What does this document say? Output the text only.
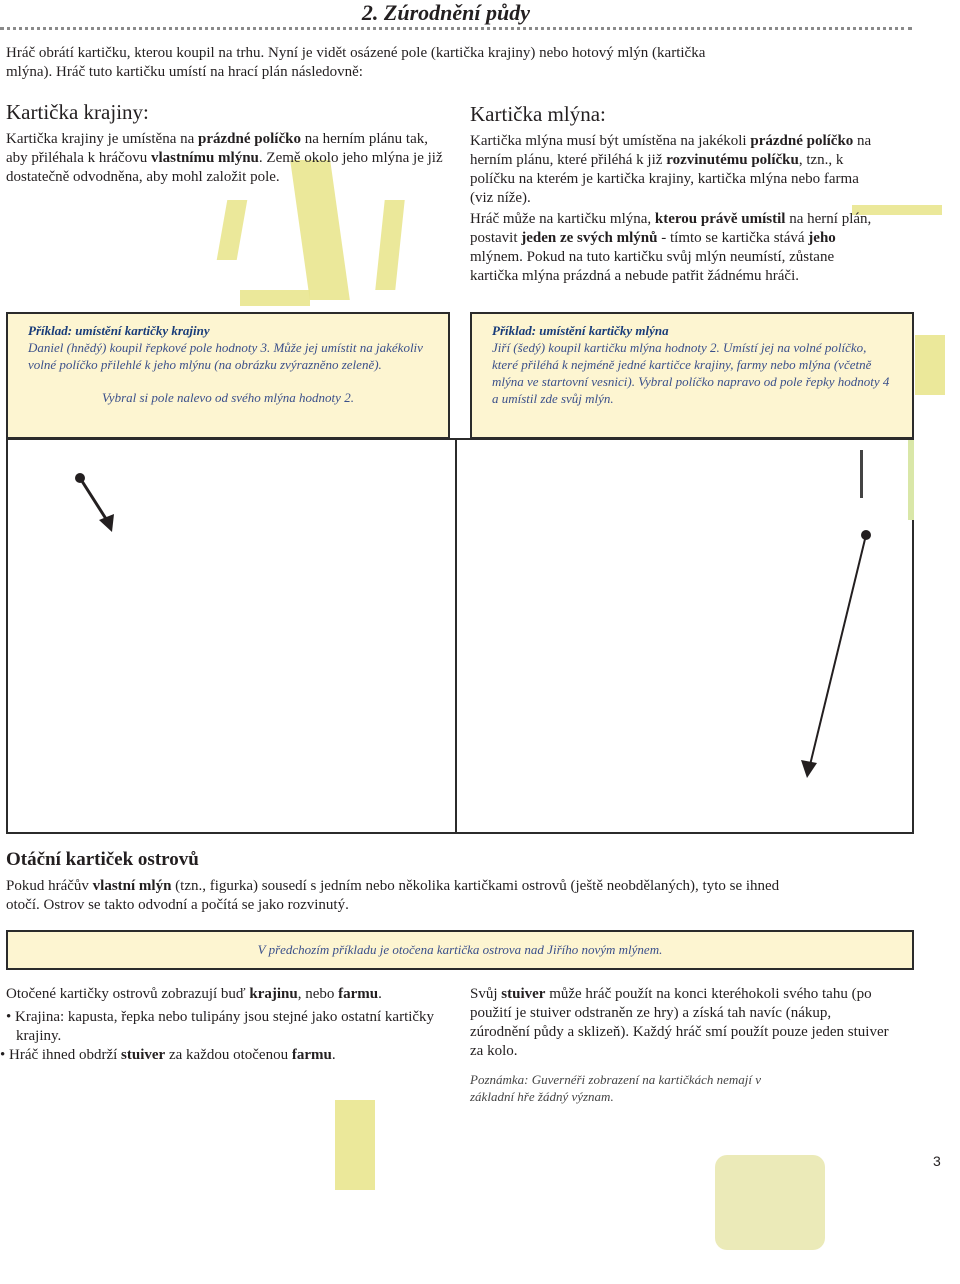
2. Zúrodnění půdy
Hráč obrátí kartičku, kterou koupil na trhu. Nyní je vidět osázené pole (kartička krajiny) nebo hotový mlýn (kartička mlýna). Hráč tuto kartičku umístí na hrací plán následovně:
Kartička krajiny:

Kartička krajiny je umístěna na prázdné políčko na herním plánu tak, aby přiléhala k hráčovu vlastnímu mlýnu. Země okolo jeho mlýna je již dostatečně odvodněna, aby mohl založit pole.

Kartička mlýna:

Kartička mlýna musí být umístěna na jakékoli prázdné políčko na herním plánu, které přiléhá k již rozvinutému políčku, tzn., k políčku na kterém je kartička krajiny, kartička mlýna nebo farma (viz níže).

Hráč může na kartičku mlýna, kterou právě umístil na herní plán, postavit jeden ze svých mlýnů - tímto se kartička stává jeho mlýnem. Pokud na tuto kartičku svůj mlýn neumístí, zůstane kartička mlýna prázdná a nebude patřit žádnému hráči.

Příklad: umístění kartičky krajiny
Daniel (hnědý) koupil řepkové pole hodnoty 3. Může jej umístit na jakékoliv volné políčko přilehlé k jeho mlýnu (na obrázku zvýrazněno zeleně).
Vybral si pole nalevo od svého mlýna hodnoty 2.
Příklad: umístění kartičky mlýna
Jiří (šedý) koupil kartičku mlýna hodnoty 2. Umístí jej na volné políčko, které přiléhá k nejméně jedné kartičce krajiny, farmy nebo mlýna (včetně mlýna ve startovní vesnici). Vybral políčko napravo od pole řepky hodnoty 4 a umístil zde svůj mlýn.
Otáční kartiček ostrovů

Pokud hráčův vlastní mlýn (tzn., figurka) sousedí s jedním nebo několika kartičkami ostrovů (ještě neobdělaných), tyto se ihned otočí. Ostrov se takto odvodní a počítá se jako rozvinutý.

V předchozím příkladu je otočena kartička ostrova nad Jiřího novým mlýnem.

Otočené kartičky ostrovů zobrazují buď krajinu, nebo farmu.

• Krajina: kapusta, řepka nebo tulipány jsou stejné jako ostatní kartičky krajiny.
• Hráč ihned obdrží stuiver za každou otočenou farmu.

Svůj stuiver může hráč použít na konci kteréhokoli svého tahu (po použití je stuiver odstraněn ze hry) a získá tah navíc (nákup, zúrodnění půdy a sklizeň). Každý hráč smí použít pouze jeden stuiver za kolo.

Poznámka: Guvernéři zobrazení na kartičkách nemají v základní hře žádný význam.

3
